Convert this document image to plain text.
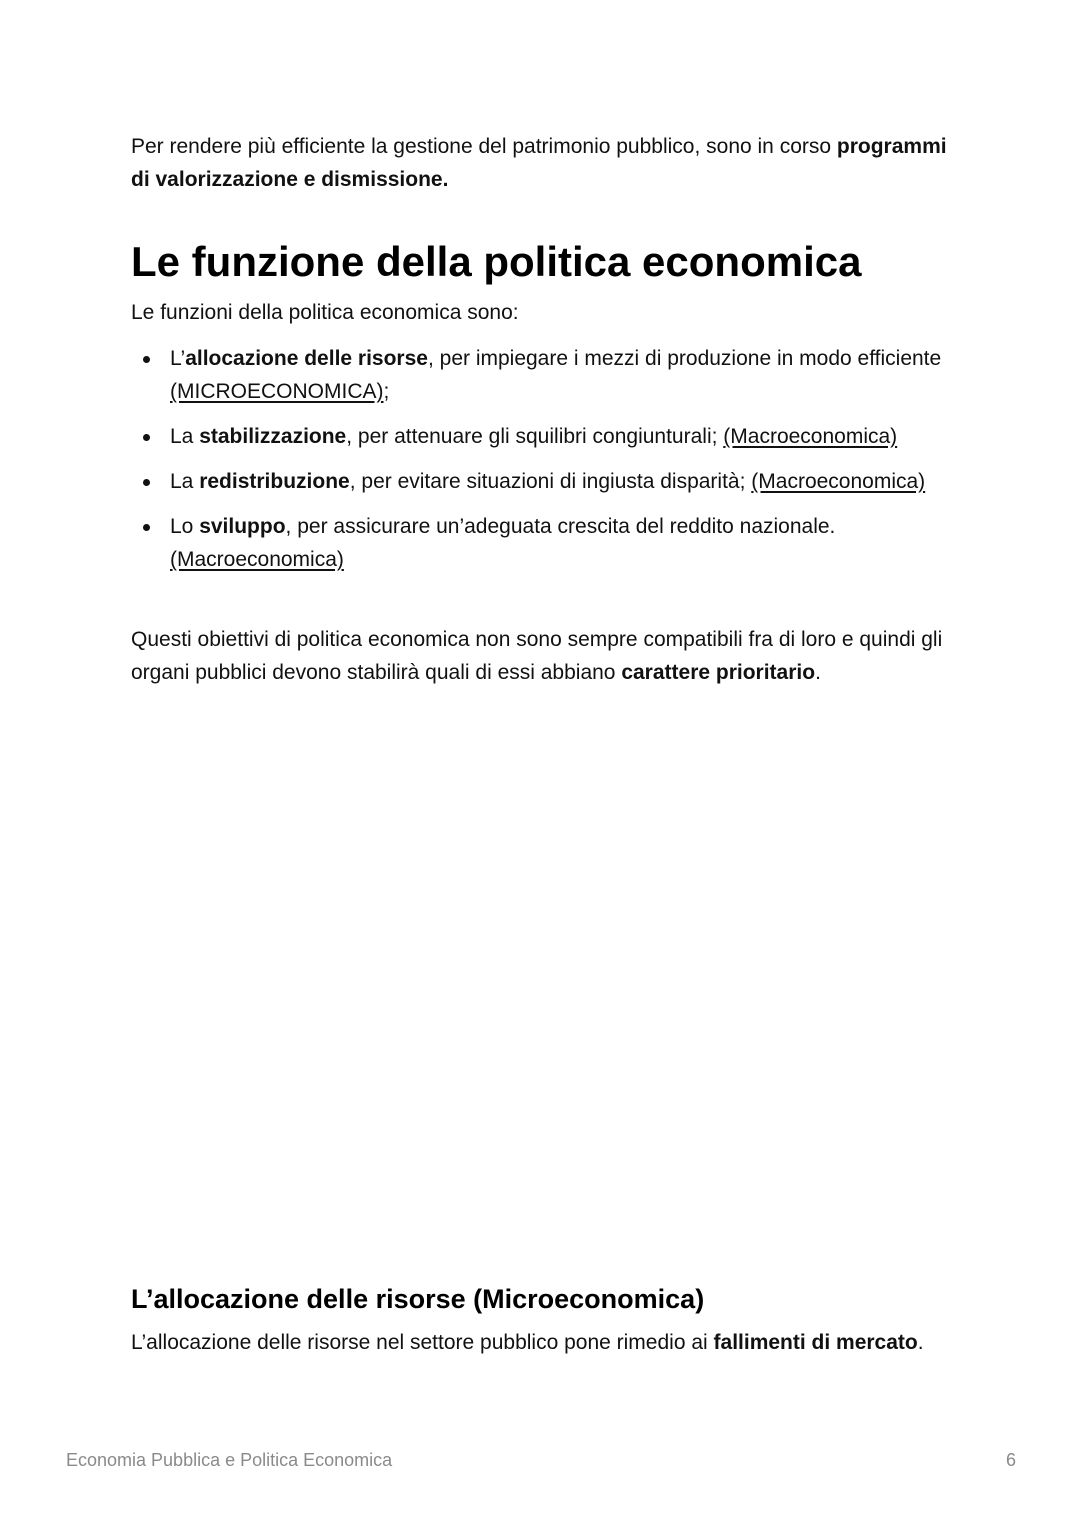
Per rendere più efficiente la gestione del patrimonio pubblico, sono in corso programmi di valorizzazione e dismissione.

Le funzione della politica economica

Le funzioni della politica economica sono:

L’allocazione delle risorse, per impiegare i mezzi di produzione in modo efficiente (MICROECONOMICA);
La stabilizzazione, per attenuare gli squilibri congiunturali; (Macroeconomica)
La redistribuzione, per evitare situazioni di ingiusta disparità; (Macroeconomica)
Lo sviluppo, per assicurare un’adeguata crescita del reddito nazionale. (Macroeconomica)

Questi obiettivi di politica economica non sono sempre compatibili fra di loro e quindi gli organi pubblici devono stabilirà quali di essi abbiano carattere prioritario.

L’allocazione delle risorse (Microeconomica)

L’allocazione delle risorse nel settore pubblico pone rimedio ai fallimenti di mercato.

Economia Pubblica e Politica Economica	6
